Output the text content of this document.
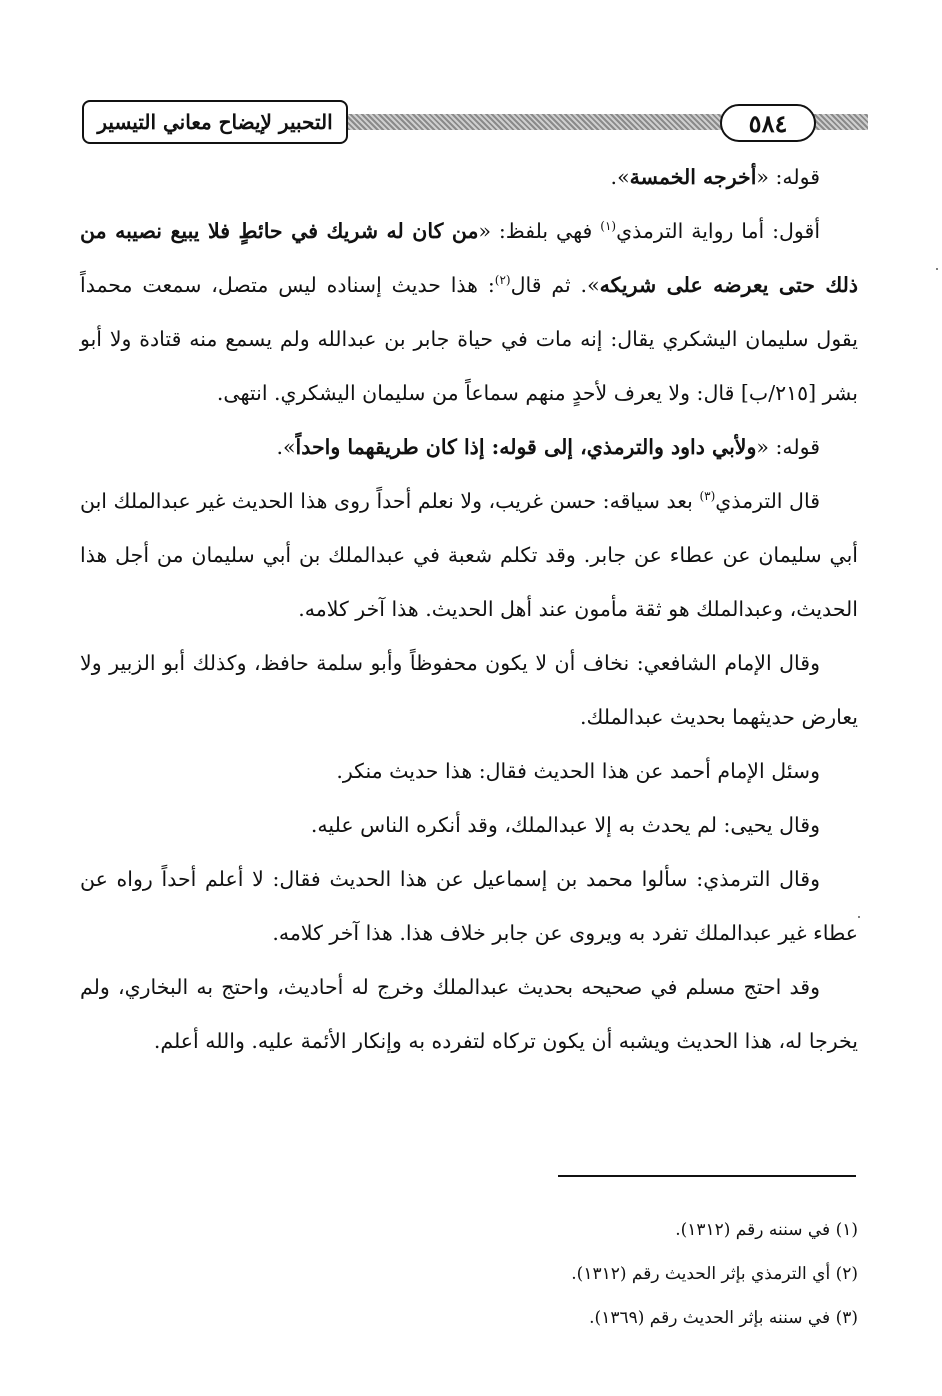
٥٨٤
التحبير لإيضاح معاني التيسير

قوله: «أخرجه الخمسة».

أقول: أما رواية الترمذي$^{(١)}$ فهي بلفظ: «من كان له شريك في حائطٍ فلا يبيع نصيبه من ذلك حتى يعرضه على شريكه». ثم قال$^{(٢)}$: هذا حديث إسناده ليس متصل، سمعت محمداً يقول سليمان اليشكري يقال: إنه مات في حياة جابر بن عبدالله ولم يسمع منه قتادة ولا أبو بشر [٢١٥/ب] قال: ولا يعرف لأحدٍ منهم سماعاً من سليمان اليشكري. انتهى.

قوله: «ولأبي داود والترمذي، إلى قوله: إذا كان طريقهما واحداً».

قال الترمذي$^{(٣)}$ بعد سياقه: حسن غريب، ولا نعلم أحداً روى هذا الحديث غير عبدالملك ابن أبي سليمان عن عطاء عن جابر. وقد تكلم شعبة في عبدالملك بن أبي سليمان من أجل هذا الحديث، وعبدالملك هو ثقة مأمون عند أهل الحديث. هذا آخر كلامه.

وقال الإمام الشافعي: نخاف أن لا يكون محفوظاً وأبو سلمة حافظ، وكذلك أبو الزبير ولا يعارض حديثهما بحديث عبدالملك.

وسئل الإمام أحمد عن هذا الحديث فقال: هذا حديث منكر.

وقال يحيى: لم يحدث به إلا عبدالملك، وقد أنكره الناس عليه.

وقال الترمذي: سألوا محمد بن إسماعيل عن هذا الحديث فقال: لا أعلم أحداً رواه عن عطاء غير عبدالملك تفرد به ويروى عن جابر خلاف هذا. هذا آخر كلامه.

وقد احتج مسلم في صحيحه بحديث عبدالملك وخرج له أحاديث، واحتج به البخاري، ولم يخرجا له، هذا الحديث ويشبه أن يكون تركاه لتفرده به وإنكار الأئمة عليه. والله أعلم.

(١) في سننه رقم (١٣١٢).

(٢) أي الترمذي بإثر الحديث رقم (١٣١٢).

(٣) في سننه بإثر الحديث رقم (١٣٦٩).
